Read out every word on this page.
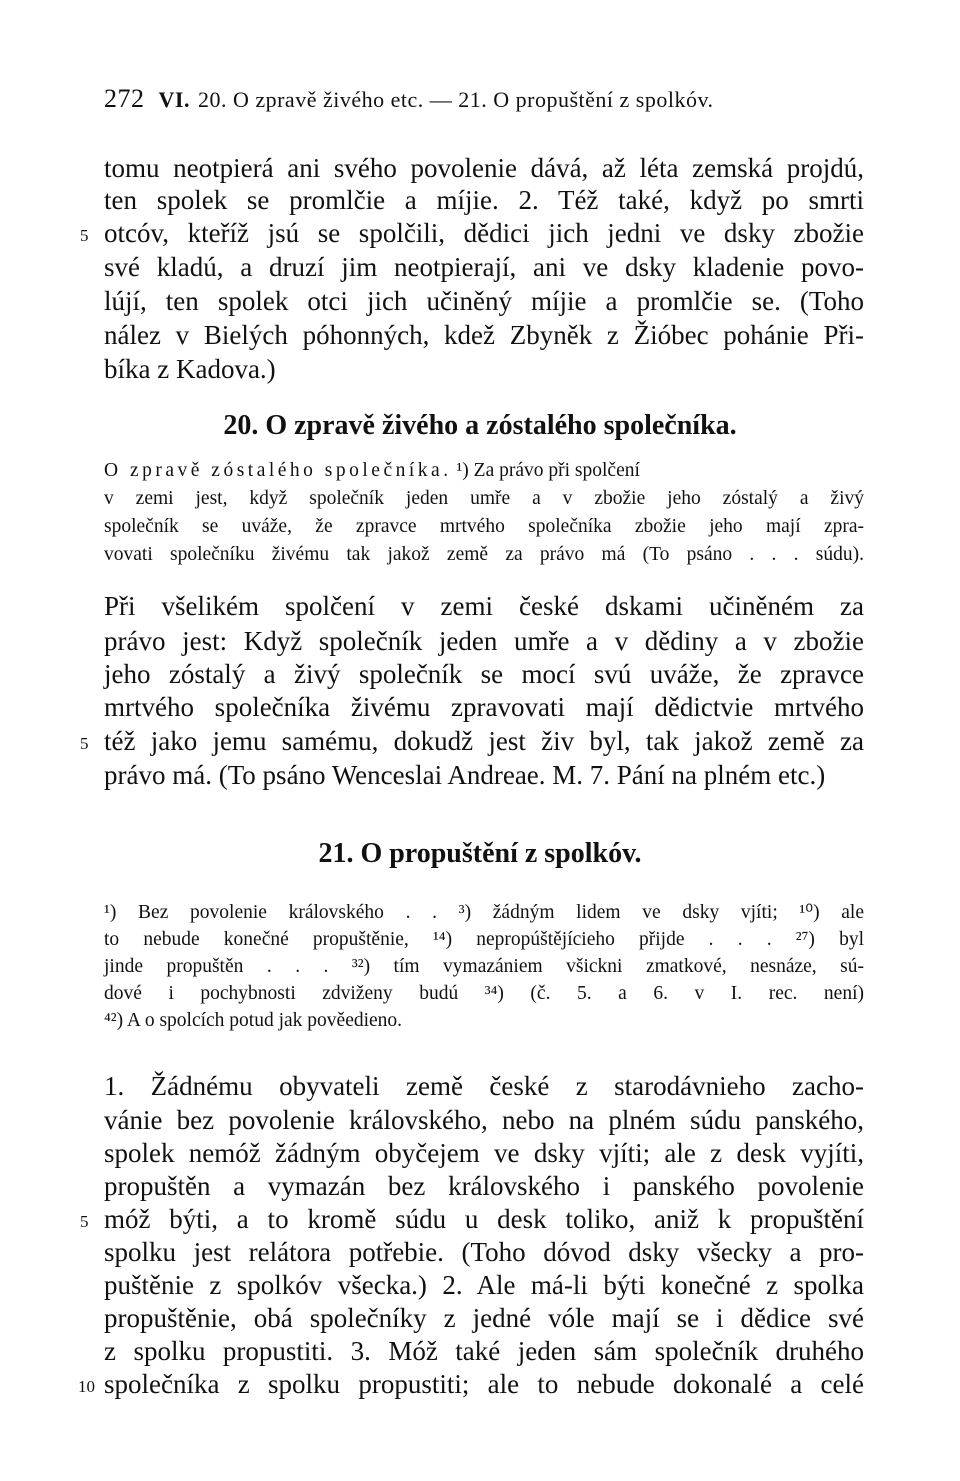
272 VI. 20. O zpravě živého etc. — 21. O propuštění z spolkóv.
tomu neotpierá ani svého povolenie dává, až léta zemská projdú,
ten spolek se promlčie a míjie. 2. Též také, když po smrti
5 otcóv, kteříž jsú se spolčili, dědici jich jedni ve dsky zbožie
své kladú, a druzí jim neotpierají, ani ve dsky kladenie povo-
lújí, ten spolek otci jich učiněný míjie a promlčie se. (Toho
nález v Bielých póhonných, kdež Zbyněk z Žióbec pohánie Při-
bíka z Kadova.)
20. O zpravě živého a zóstalého společníka.
O zpravě zóstalého společníka. ¹) Za právo při spolčení
v zemi jest, když společník jeden umře a v zbožie jeho zóstalý a živý
společník se uváže, že zpravce mrtvého společníka zbožie jeho mají zpra-
vovati společníku živému tak jakož země za právo má (To psáno . . . súdu).
Při všelikém spolčení v zemi české dskami učiněném za
právo jest: Když společník jeden umře a v dědiny a v zbožie
jeho zóstalý a živý společník se mocí svú uváže, že zpravce
mrtvého společníka živému zpravovati mají dědictvie mrtvého
5 též jako jemu samému, dokudž jest živ byl, tak jakož země za
právo má. (To psáno Wenceslai Andreae. M. 7. Pání na plném etc.)
21. O propuštění z spolkóv.
¹) Bez povolenie královského . . ³) žádným lidem ve dsky vjíti; ¹⁰) ale
to nebude konečné propuštěnie, ¹⁴) nepropúštějícieho přijde . . . ²⁷) byl
jinde propuštěn . . . ³²) tím vymazániem všickni zmatkové, nesnáze, sú-
dové i pochybnosti zdviženy budú ³⁴) (č. 5. a 6. v I. rec. není)
⁴²) A o spolcích potud jak pověedieno.
1. Žádnému obyvateli země české z starodávnieho zacho-
vánie bez povolenie královského, nebo na plném súdu panského,
spolek nemóž žádným obyčejem ve dsky vjíti; ale z desk vyjíti,
propuštěn a vymazán bez královského i panského povolenie
5 móž býti, a to kromě súdu u desk toliko, aniž k propuštění
spolku jest relátora potřebie. (Toho dóvod dsky všecky a pro-
puštěnie z spolkóv všecka.) 2. Ale má-li býti konečné z spolka
propuštěnie, obá společníky z jedné vóle mají se i dědice své
z spolku propustiti. 3. Móž také jeden sám společník druhého
10 společníka z spolku propustiti; ale to nebude dokonalé a celé
